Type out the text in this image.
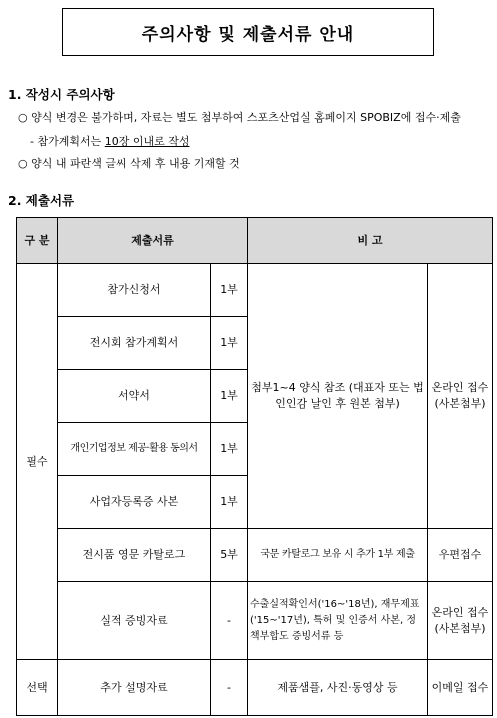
주의사항 및 제출서류 안내
1. 작성시 주의사항
○ 양식 변경은 불가하며, 자료는 별도 첨부하여 스포츠산업실 홈페이지 SPOBIZ에 접수·제출
- 참가계획서는 10장 이내로 작성
○ 양식 내 파란색 글씨 삭제 후 내용 기재할 것
2. 제출서류
구 분	제출서류		비 고	
필수	참가신청서	1부	첨부1~4 양식 참조 (대표자 또는 법인인감 날인 후 원본 첨부)	온라인 접수 (사본첨부)
	전시회 참가계획서	1부		
	서약서	1부		
	개인기업정보 제공·활용 동의서	1부		
	사업자등록증 사본	1부		
	전시품 영문 카탈로그	5부	국문 카탈로그 보유 시 추가 1부 제출	우편접수
	실적 증빙자료	-	수출실적확인서('16~'18년), 재무제표('15~'17년), 특허 및 인증서 사본, 정책부합도 증빙서류 등	온라인 접수 (사본첨부)
선택	추가 설명자료	-	제품샘플, 사진·동영상 등	이메일 접수
